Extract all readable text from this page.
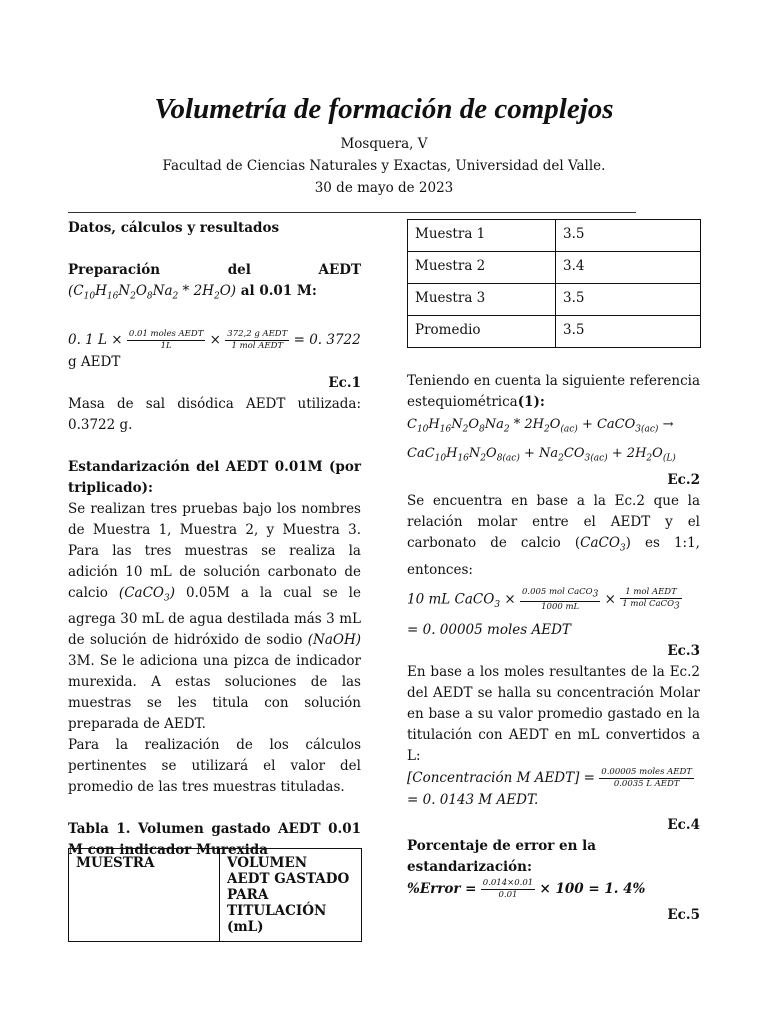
Volumetría de formación de complejos
Mosquera, V
Facultad de Ciencias Naturales y Exactas, Universidad del Valle.
30 de mayo de 2023
Datos, cálculos y resultados
Preparación del AEDT
$(C_{10}H_{16}N_2O_8Na_2 * 2H_2O)$ al 0.01 M:
0. 1 $L \times \frac{\text{0.01 moles AEDT}}{1L} \times \frac{\text{372,2 g AEDT}}{\text{1 mol AEDT}} = 0$. 3722
g AEDT
Ec.1
Masa de sal disódica AEDT utilizada: 0.3722 g.
Estandarización del AEDT 0.01M (por triplicado):
Se realizan tres pruebas bajo los nombres de Muestra 1, Muestra 2, y Muestra 3. Para las tres muestras se realiza la adición 10 mL de solución carbonato de calcio (CaCO$_3$) 0.05M a la cual se le agrega 30 mL de agua destilada más 3 mL de solución de hidróxido de sodio (NaOH) 3M. Se le adiciona una pizca de indicador murexida. A estas soluciones de las muestras se les titula con solución preparada de AEDT.
Para la realización de los cálculos pertinentes se utilizará el valor del promedio de las tres muestras tituladas.
Tabla 1. Volumen gastado AEDT 0.01 M con indicador Murexida
MUESTRA	VOLUMEN AEDT GASTADO PARA TITULACIÓN (mL)
Muestra 1	3.5
Muestra 2	3.4
Muestra 3	3.5
Promedio	3.5
Teniendo en cuenta la siguiente referencia estequiométrica(1):
$C_{10}H_{16}N_2O_8Na_2 * 2H_2O_{(ac)}$ + CaCO$_{3(ac)}$ →
$CaC_{10}H_{16}N_2O_{8(ac)} + Na_2CO_{3(ac)} + 2H_2O_{(L)}$
Ec.2
Se encuentra en base a la Ec.2 que la relación molar entre el AEDT y el carbonato de calcio (CaCO$_3$) es 1:1, entonces:
10 mL CaCO$_3$ × $\frac{0.005 mol CaCO_3}{1000 mL} \times \frac{\text{1 mol AEDT}}{1 mol CaCO_3}$
= 0. 00005 moles AEDT
Ec.3
En base a los moles resultantes de la Ec.2 del AEDT se halla su concentración Molar en base a su valor promedio gastado en la titulación con AEDT en mL convertidos a L:
[Concentración M AEDT] = $\frac{\text{0.00005 moles AEDT}}{\text{0.0035 L AEDT}}$
= 0. 0143 M AEDT.
Ec.4
Porcentaje de error en la estandarización:
%Error = $\frac{0.014\times 0.01}{0.01} \times 100 = 1$. 4%
Ec.5
